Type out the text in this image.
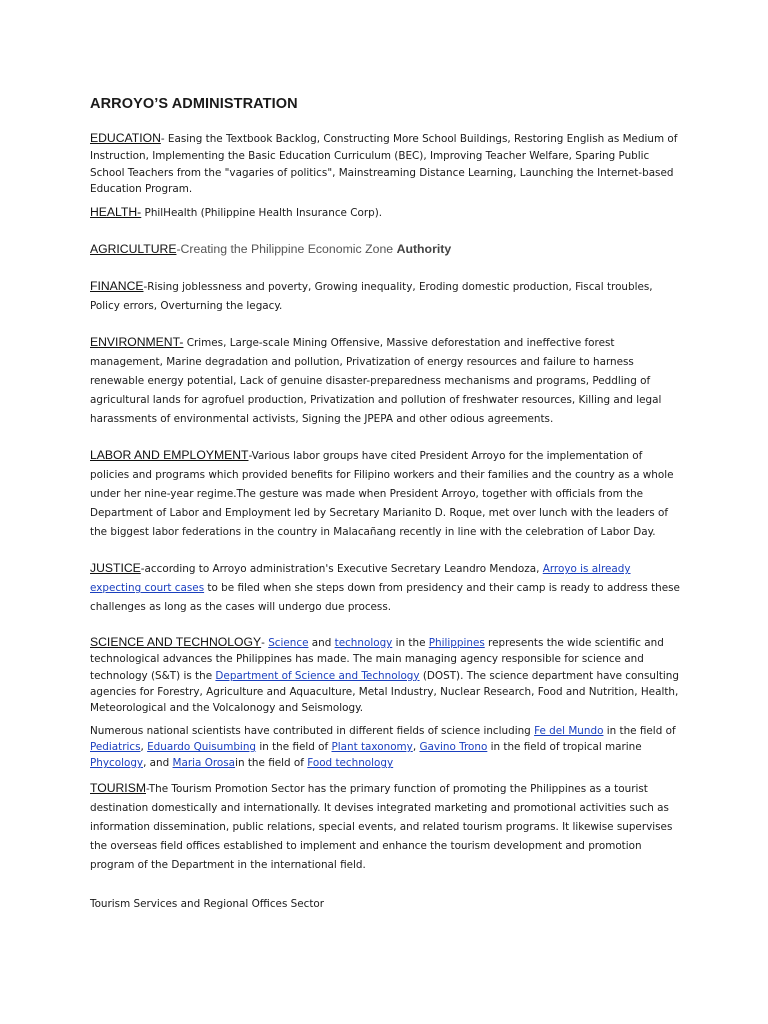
ARROYO’S ADMINISTRATION
EDUCATION- Easing the Textbook Backlog, Constructing More School Buildings, Restoring English as Medium of Instruction, Implementing the Basic Education Curriculum (BEC), Improving Teacher Welfare, Sparing Public School Teachers from the "vagaries of politics", Mainstreaming Distance Learning, Launching the Internet-based Education Program.
HEALTH- PhilHealth (Philippine Health Insurance Corp).
AGRICULTURE-Creating the Philippine Economic Zone Authority
FINANCE-Rising joblessness and poverty, Growing inequality, Eroding domestic production, Fiscal troubles, Policy errors, Overturning the legacy.
ENVIRONMENT- Crimes, Large-scale Mining Offensive, Massive deforestation and ineffective forest management, Marine degradation and pollution, Privatization of energy resources and failure to harness renewable energy potential, Lack of genuine disaster-preparedness mechanisms and programs, Peddling of agricultural lands for agrofuel production, Privatization and pollution of freshwater resources, Killing and legal harassments of environmental activists, Signing the JPEPA and other odious agreements.
LABOR AND EMPLOYMENT-Various labor groups have cited President Arroyo for the implementation of policies and programs which provided benefits for Filipino workers and their families and the country as a whole under her nine-year regime.The gesture was made when President Arroyo, together with officials from the Department of Labor and Employment led by Secretary Marianito D. Roque, met over lunch with the leaders of the biggest labor federations in the country in Malacañang recently in line with the celebration of Labor Day.
JUSTICE-according to Arroyo administration's Executive Secretary Leandro Mendoza, Arroyo is already expecting court cases to be filed when she steps down from presidency and their camp is ready to address these challenges as long as the cases will undergo due process.
SCIENCE AND TECHNOLOGY- Science and technology in the Philippines represents the wide scientific and technological advances the Philippines has made. The main managing agency responsible for science and technology (S&T) is the Department of Science and Technology (DOST). The science department have consulting agencies for Forestry, Agriculture and Aquaculture, Metal Industry, Nuclear Research, Food and Nutrition, Health, Meteorological and the Volcalonogy and Seismology.
Numerous national scientists have contributed in different fields of science including Fe del Mundo in the field of Pediatrics, Eduardo Quisumbing in the field of Plant taxonomy, Gavino Trono in the field of tropical marine Phycology, and Maria Orosain the field of Food technology
TOURISM-The Tourism Promotion Sector has the primary function of promoting the Philippines as a tourist destination domestically and internationally. It devises integrated marketing and promotional activities such as information dissemination, public relations, special events, and related tourism programs. It likewise supervises the overseas field offices established to implement and enhance the tourism development and promotion program of the Department in the international field.
Tourism Services and Regional Offices Sector
